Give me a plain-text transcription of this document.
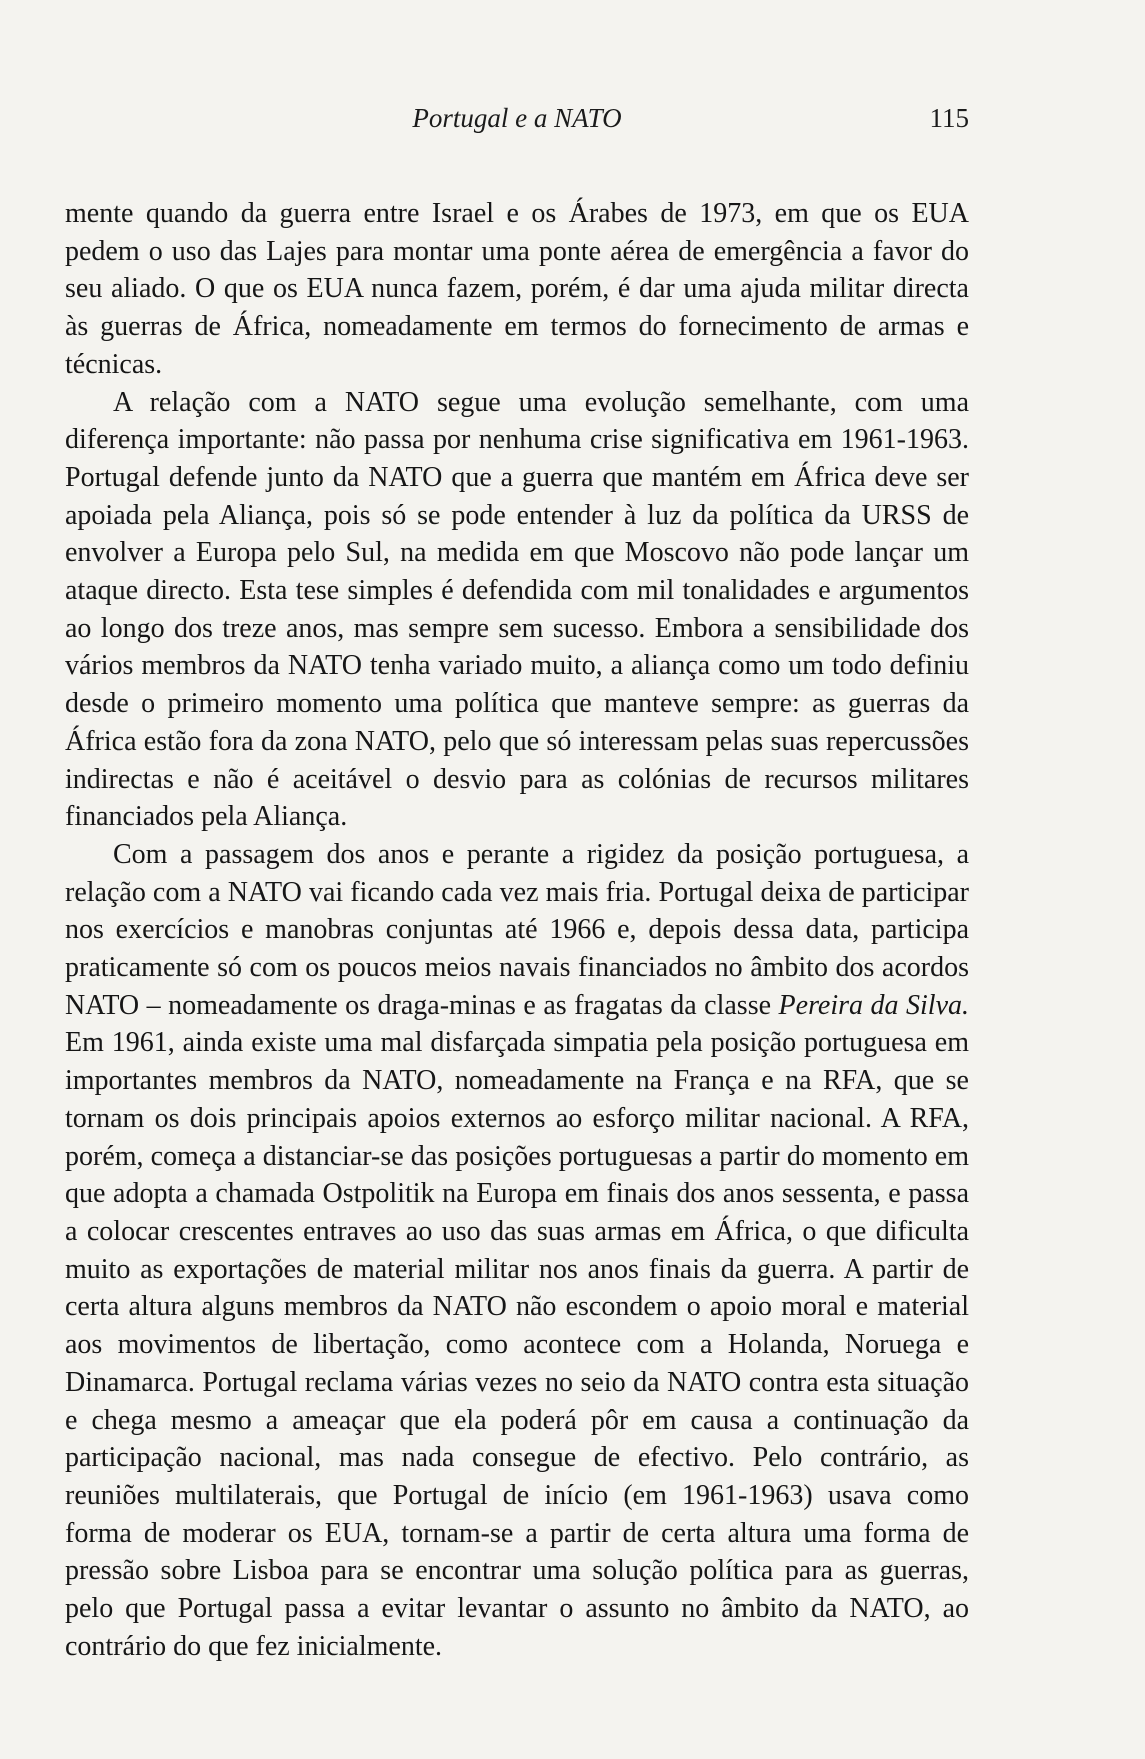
Portugal e a NATO	115

mente quando da guerra entre Israel e os Árabes de 1973, em que os EUA pedem o uso das Lajes para montar uma ponte aérea de emergência a favor do seu aliado. O que os EUA nunca fazem, porém, é dar uma ajuda militar directa às guerras de África, nomeadamente em termos do fornecimento de armas e técnicas.

A relação com a NATO segue uma evolução semelhante, com uma diferença importante: não passa por nenhuma crise significativa em 1961-1963. Portugal defende junto da NATO que a guerra que mantém em África deve ser apoiada pela Aliança, pois só se pode entender à luz da política da URSS de envolver a Europa pelo Sul, na medida em que Moscovo não pode lançar um ataque directo. Esta tese simples é defendida com mil tonalidades e argumentos ao longo dos treze anos, mas sempre sem sucesso. Embora a sensibilidade dos vários membros da NATO tenha variado muito, a aliança como um todo definiu desde o primeiro momento uma política que manteve sempre: as guerras da África estão fora da zona NATO, pelo que só interessam pelas suas repercussões indirectas e não é aceitável o desvio para as colónias de recursos militares financiados pela Aliança.

Com a passagem dos anos e perante a rigidez da posição portuguesa, a relação com a NATO vai ficando cada vez mais fria. Portugal deixa de participar nos exercícios e manobras conjuntas até 1966 e, depois dessa data, participa praticamente só com os poucos meios navais financiados no âmbito dos acordos NATO – nomeadamente os draga-minas e as fragatas da classe Pereira da Silva. Em 1961, ainda existe uma mal disfarçada simpatia pela posição portuguesa em importantes membros da NATO, nomeadamente na França e na RFA, que se tornam os dois principais apoios externos ao esforço militar nacional. A RFA, porém, começa a distanciar-se das posições portuguesas a partir do momento em que adopta a chamada Ostpolitik na Europa em finais dos anos sessenta, e passa a colocar crescentes entraves ao uso das suas armas em África, o que dificulta muito as exportações de material militar nos anos finais da guerra. A partir de certa altura alguns membros da NATO não escondem o apoio moral e material aos movimentos de libertação, como acontece com a Holanda, Noruega e Dinamarca. Portugal reclama várias vezes no seio da NATO contra esta situação e chega mesmo a ameaçar que ela poderá pôr em causa a continuação da participação nacional, mas nada consegue de efectivo. Pelo contrário, as reuniões multilaterais, que Portugal de início (em 1961-1963) usava como forma de moderar os EUA, tornam-se a partir de certa altura uma forma de pressão sobre Lisboa para se encontrar uma solução política para as guerras, pelo que Portugal passa a evitar levantar o assunto no âmbito da NATO, ao contrário do que fez inicialmente.
